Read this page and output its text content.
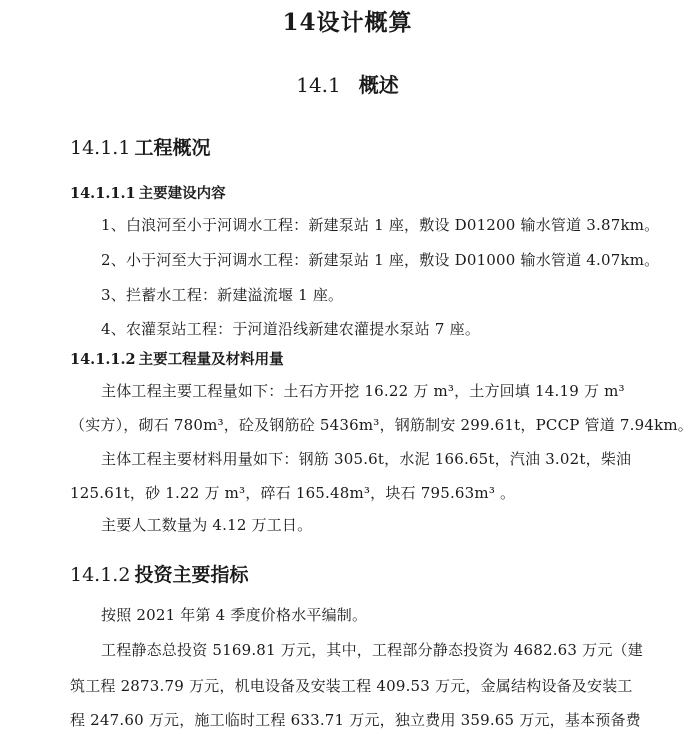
14设计概算
14.1 概述
14.1.1 工程概况
14.1.1.1 主要建设内容
1、白浪河至小于河调水工程：新建泵站 1 座，敷设 D01200 输水管道 3.87km。
2、小于河至大于河调水工程：新建泵站 1 座，敷设 D01000 输水管道 4.07km。
3、拦蓄水工程：新建溢流堰 1 座。
4、农灌泵站工程：于河道沿线新建农灌提水泵站 7 座。
14.1.1.2 主要工程量及材料用量
主体工程主要工程量如下：土石方开挖 16.22 万 m³，土方回填 14.19 万 m³
（实方），砌石 780m³，砼及钢筋砼 5436m³，钢筋制安 299.61t，PCCP 管道 7.94km。
主体工程主要材料用量如下：钢筋 305.6t，水泥 166.65t，汽油 3.02t，柴油
125.61t，砂 1.22 万 m³，碎石 165.48m³，块石 795.63m³ 。
主要人工数量为 4.12 万工日。
14.1.2 投资主要指标
按照 2021 年第 4 季度价格水平编制。
工程静态总投资 5169.81 万元，其中，工程部分静态投资为 4682.63 万元（建
筑工程 2873.79 万元，机电设备及安装工程 409.53 万元，金属结构设备及安装工
程 247.60 万元，施工临时工程 633.71 万元，独立费用 359.65 万元，基本预备费
